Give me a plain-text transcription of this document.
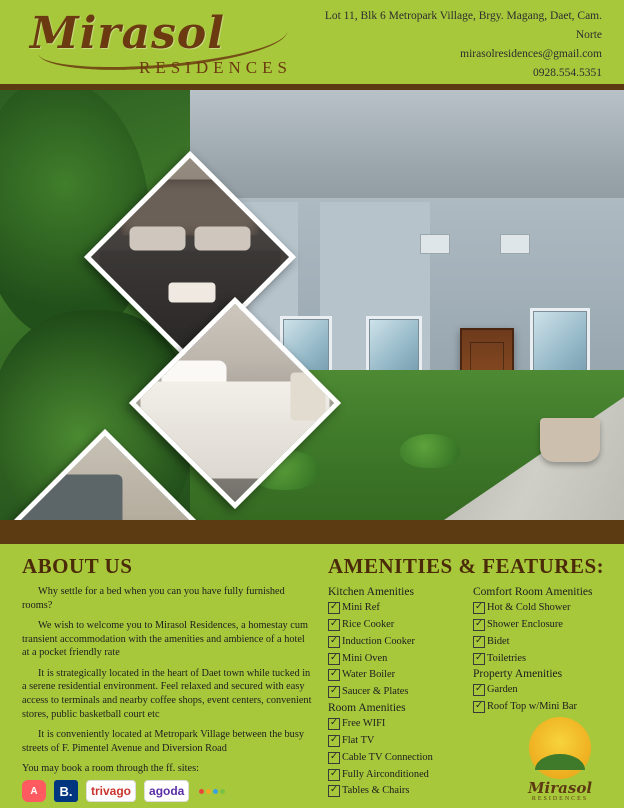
Mirasol
RESIDENCES
Lot 11, Blk 6 Metropark Village, Brgy. Magang, Daet, Cam. Norte
mirasolresidences@gmail.com
0928.554.5351
ABOUT US

Why settle for a bed when you can you have fully furnished rooms?

We wish to welcome you to Mirasol Residences, a homestay cum transient accommodation with the amenities and ambience of a hotel at a pocket friendly rate

It is strategically located in the heart of Daet town while tucked in a serene residential environment. Feel relaxed and secured with easy access to terminals and nearby coffee shops, event centers, convenient stores, public basketball court etc

It is conveniently located at Metropark Village between the busy streets of F. Pimentel Avenue and Diversion Road

You may book a room through the ff. sites:
A	B.	trivago	agoda
AMENITIES & FEATURES:
Kitchen Amenities
✓ Mini Ref
✓ Rice Cooker
✓ Induction Cooker
✓ Mini Oven
✓ Water Boiler
✓ Saucer & Plates
Room Amenities
✓ Free WIFI
✓ Flat TV
✓ Cable TV Connection
✓ Fully Airconditioned
✓ Tables & Chairs
Comfort Room Amenities
✓ Hot & Cold Shower
✓ Shower Enclosure
✓ Bidet
✓ Toiletries
Property Amenities
✓ Garden
✓ Roof Top w/Mini Bar
Mirasol
RESIDENCES
